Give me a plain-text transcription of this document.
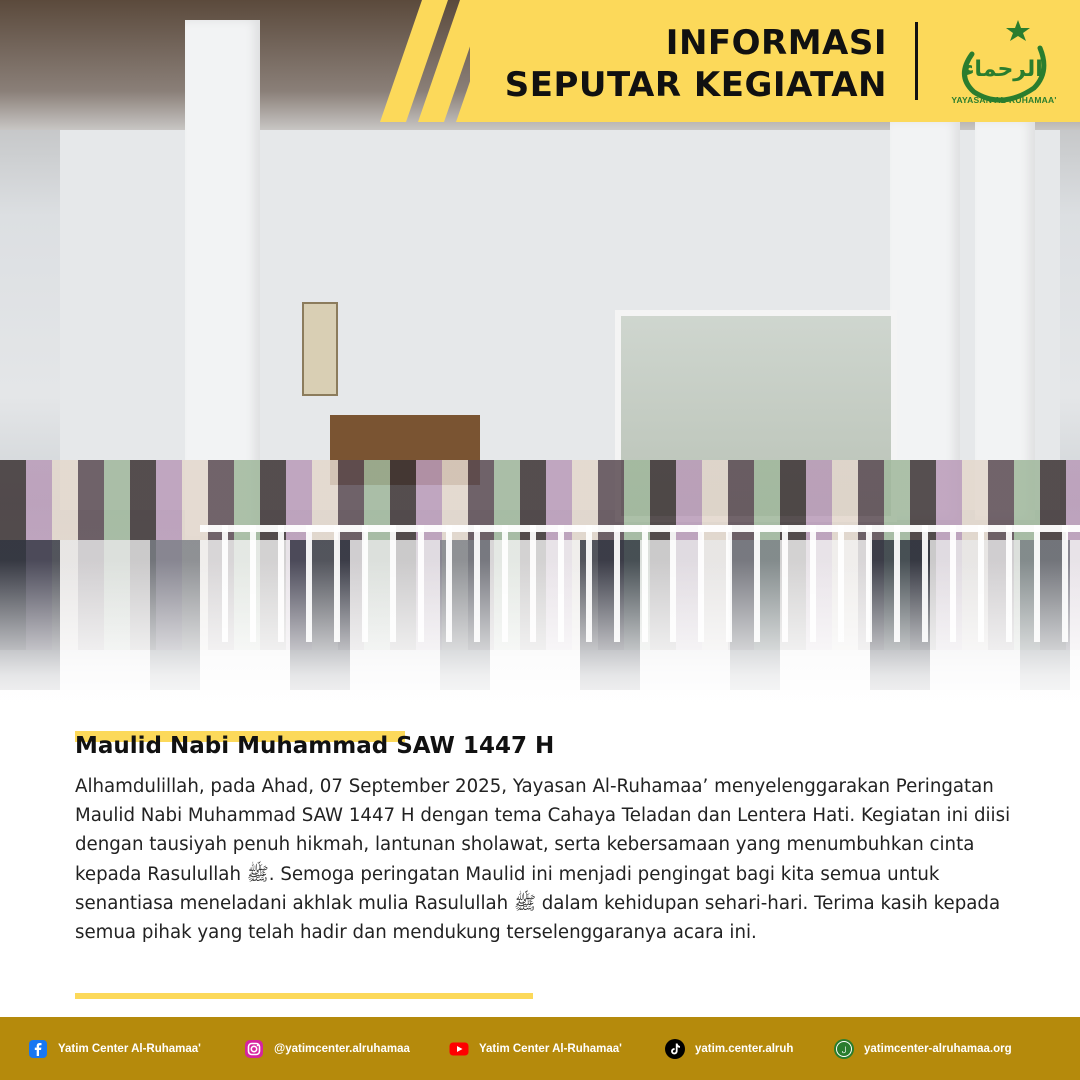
INFORMASI
SEPUTAR KEGIATAN	الرحماء
YAYASAN AL-RUHAMAA'
Maulid Nabi Muhammad SAW 1447 H
Alhamdulillah, pada Ahad, 07 September 2025, Yayasan Al-Ruhamaa’ menyelenggarakan Peringatan Maulid Nabi Muhammad SAW 1447 H dengan tema Cahaya Teladan dan Lentera Hati. Kegiatan ini diisi dengan tausiyah penuh hikmah, lantunan sholawat, serta kebersamaan yang menumbuhkan cinta kepada Rasulullah ﷺ. Semoga peringatan Maulid ini menjadi pengingat bagi kita semua untuk senantiasa meneladani akhlak mulia Rasulullah ﷺ dalam kehidupan sehari-hari. Terima kasih kepada semua pihak yang telah hadir dan mendukung terselenggaranya acara ini.
Yatim Center Al-Ruhamaa'	@yatimcenter.alruhamaa	Yatim Center Al-Ruhamaa'	yatim.center.alruh	ل yatimcenter-alruhamaa.org
